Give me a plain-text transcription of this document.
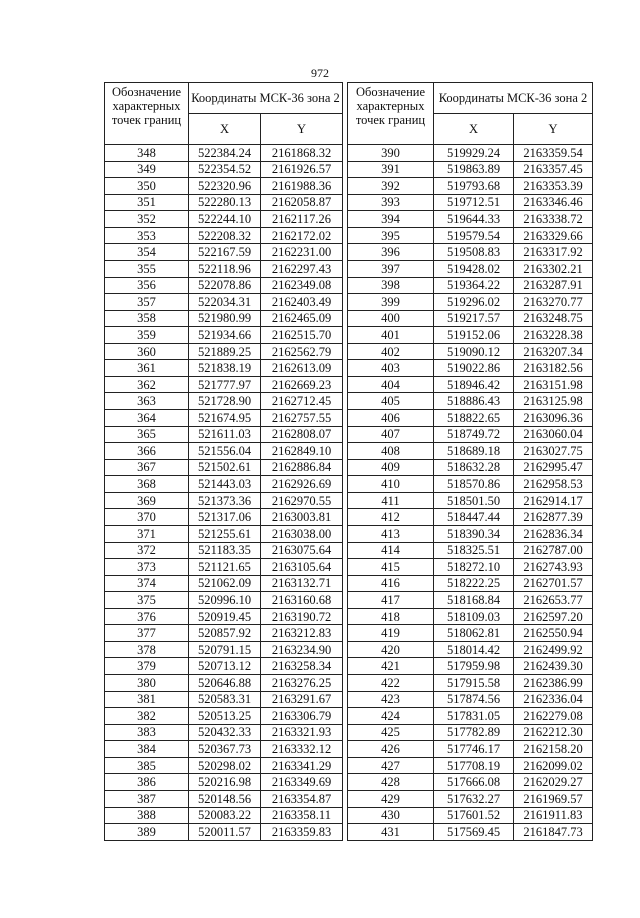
972
Обозначение характерных точек границ	Координаты МСК-36 зона 2	
	X	Y
348	522384.24	2161868.32
349	522354.52	2161926.57
350	522320.96	2161988.36
351	522280.13	2162058.87
352	522244.10	2162117.26
353	522208.32	2162172.02
354	522167.59	2162231.00
355	522118.96	2162297.43
356	522078.86	2162349.08
357	522034.31	2162403.49
358	521980.99	2162465.09
359	521934.66	2162515.70
360	521889.25	2162562.79
361	521838.19	2162613.09
362	521777.97	2162669.23
363	521728.90	2162712.45
364	521674.95	2162757.55
365	521611.03	2162808.07
366	521556.04	2162849.10
367	521502.61	2162886.84
368	521443.03	2162926.69
369	521373.36	2162970.55
370	521317.06	2163003.81
371	521255.61	2163038.00
372	521183.35	2163075.64
373	521121.65	2163105.64
374	521062.09	2163132.71
375	520996.10	2163160.68
376	520919.45	2163190.72
377	520857.92	2163212.83
378	520791.15	2163234.90
379	520713.12	2163258.34
380	520646.88	2163276.25
381	520583.31	2163291.67
382	520513.25	2163306.79
383	520432.33	2163321.93
384	520367.73	2163332.12
385	520298.02	2163341.29
386	520216.98	2163349.69
387	520148.56	2163354.87
388	520083.22	2163358.11
389	520011.57	2163359.83
Обозначение характерных точек границ	Координаты МСК-36 зона 2	
	X	Y
390	519929.24	2163359.54
391	519863.89	2163357.45
392	519793.68	2163353.39
393	519712.51	2163346.46
394	519644.33	2163338.72
395	519579.54	2163329.66
396	519508.83	2163317.92
397	519428.02	2163302.21
398	519364.22	2163287.91
399	519296.02	2163270.77
400	519217.57	2163248.75
401	519152.06	2163228.38
402	519090.12	2163207.34
403	519022.86	2163182.56
404	518946.42	2163151.98
405	518886.43	2163125.98
406	518822.65	2163096.36
407	518749.72	2163060.04
408	518689.18	2163027.75
409	518632.28	2162995.47
410	518570.86	2162958.53
411	518501.50	2162914.17
412	518447.44	2162877.39
413	518390.34	2162836.34
414	518325.51	2162787.00
415	518272.10	2162743.93
416	518222.25	2162701.57
417	518168.84	2162653.77
418	518109.03	2162597.20
419	518062.81	2162550.94
420	518014.42	2162499.92
421	517959.98	2162439.30
422	517915.58	2162386.99
423	517874.56	2162336.04
424	517831.05	2162279.08
425	517782.89	2162212.30
426	517746.17	2162158.20
427	517708.19	2162099.02
428	517666.08	2162029.27
429	517632.27	2161969.57
430	517601.52	2161911.83
431	517569.45	2161847.73
